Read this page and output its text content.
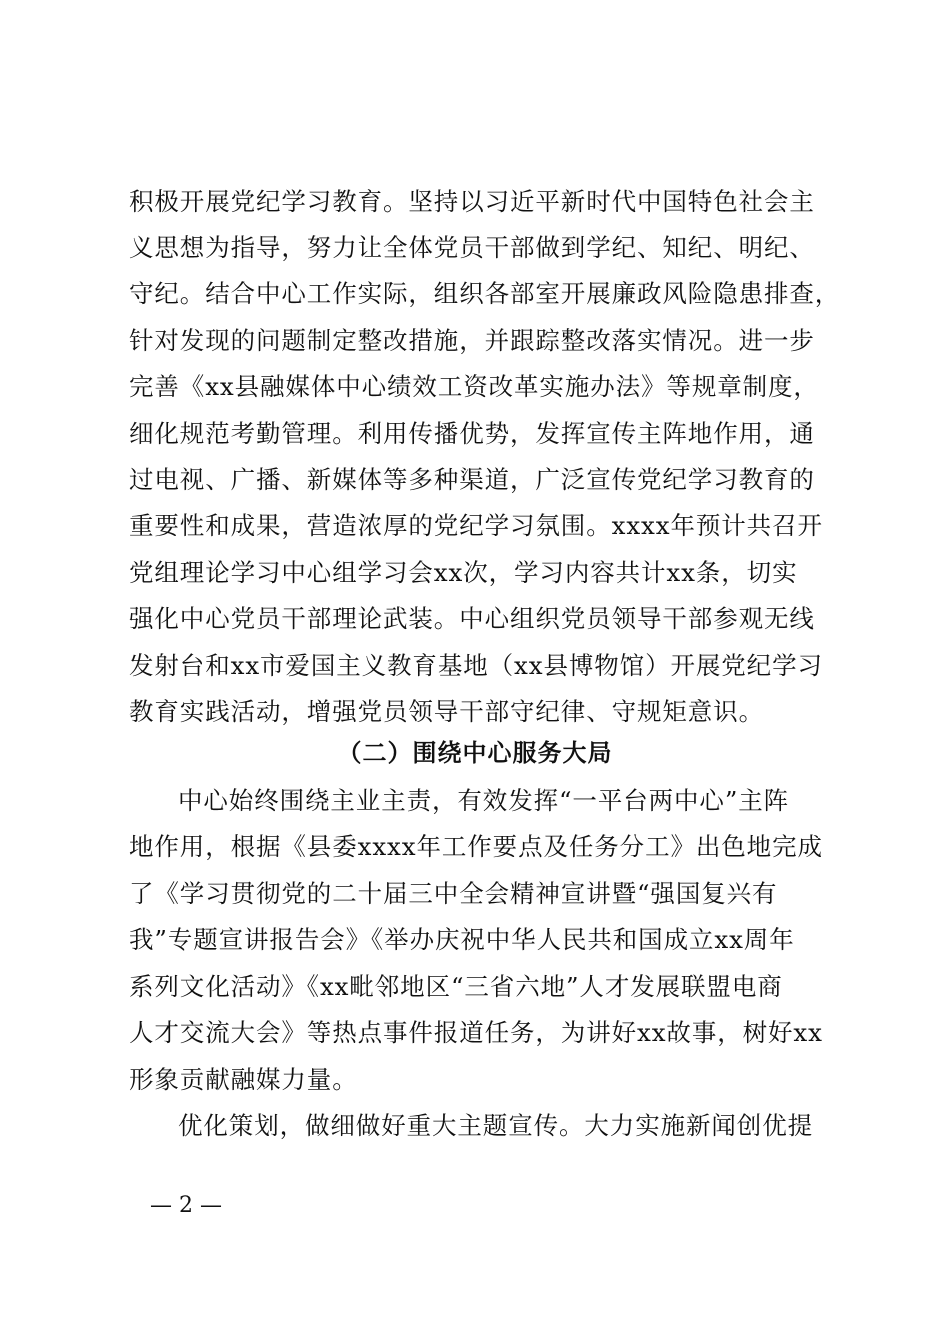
积极开展党纪学习教育。坚持以习近平新时代中国特色社会主
义思想为指导，努力让全体党员干部做到学纪、知纪、明纪、
守纪。结合中心工作实际，组织各部室开展廉政风险隐患排查，
针对发现的问题制定整改措施，并跟踪整改落实情况。进一步
完善《xx县融媒体中心绩效工资改革实施办法》等规章制度，
细化规范考勤管理。利用传播优势，发挥宣传主阵地作用，通
过电视、广播、新媒体等多种渠道，广泛宣传党纪学习教育的
重要性和成果，营造浓厚的党纪学习氛围。xxxx年预计共召开
党组理论学习中心组学习会xx次，学习内容共计xx条，切实
强化中心党员干部理论武装。中心组织党员领导干部参观无线
发射台和xx市爱国主义教育基地（xx县博物馆）开展党纪学习
教育实践活动，增强党员领导干部守纪律、守规矩意识。
（二）围绕中心服务大局
中心始终围绕主业主责，有效发挥“一平台两中心”主阵
地作用，根据《县委xxxx年工作要点及任务分工》出色地完成
了《学习贯彻党的二十届三中全会精神宣讲暨“强国复兴有
我”专题宣讲报告会》《举办庆祝中华人民共和国成立xx周年
系列文化活动》《xx毗邻地区“三省六地”人才发展联盟电商
人才交流大会》等热点事件报道任务，为讲好xx故事，树好xx
形象贡献融媒力量。
优化策划，做细做好重大主题宣传。大力实施新闻创优提
— 2 —
